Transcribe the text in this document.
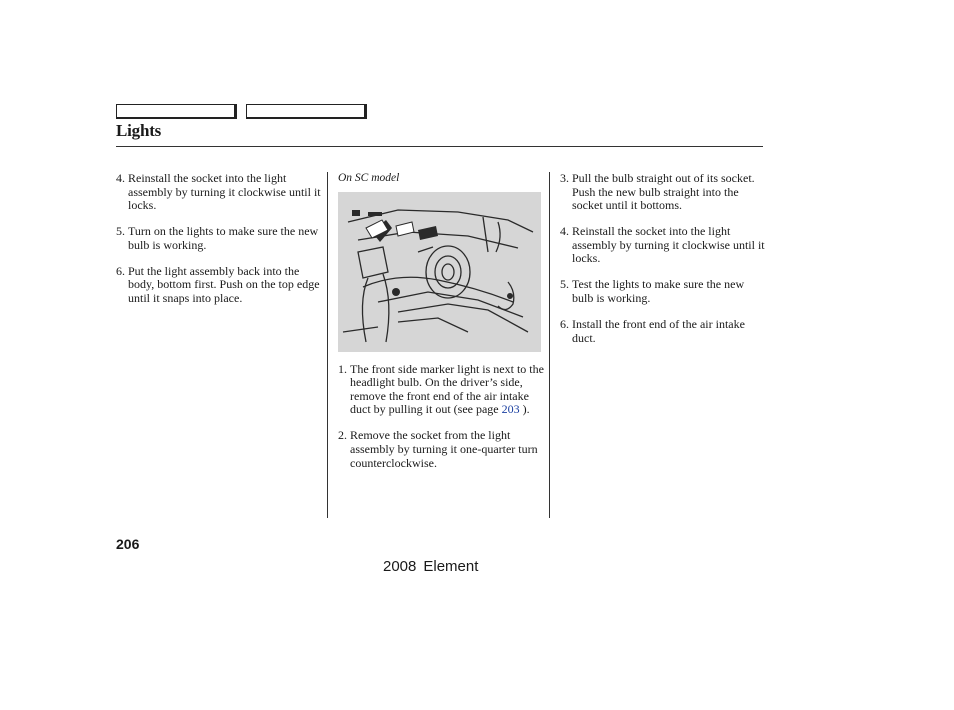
Lights
4. Reinstall the socket into the light assembly by turning it clockwise until it locks.
5. Turn on the lights to make sure the new bulb is working.
6. Put the light assembly back into the body, bottom first. Push on the top edge until it snaps into place.
On SC model
1. The front side marker light is next to the headlight bulb. On the driver’s side, remove the front end of the air intake duct by pulling it out (see page 203 ).
2. Remove the socket from the light assembly by turning it one-quarter turn counterclockwise.
3. Pull the bulb straight out of its socket. Push the new bulb straight into the socket until it bottoms.
4. Reinstall the socket into the light assembly by turning it clockwise until it locks.
5. Test the lights to make sure the new bulb is working.
6. Install the front end of the air intake duct.
206
2008 Element
